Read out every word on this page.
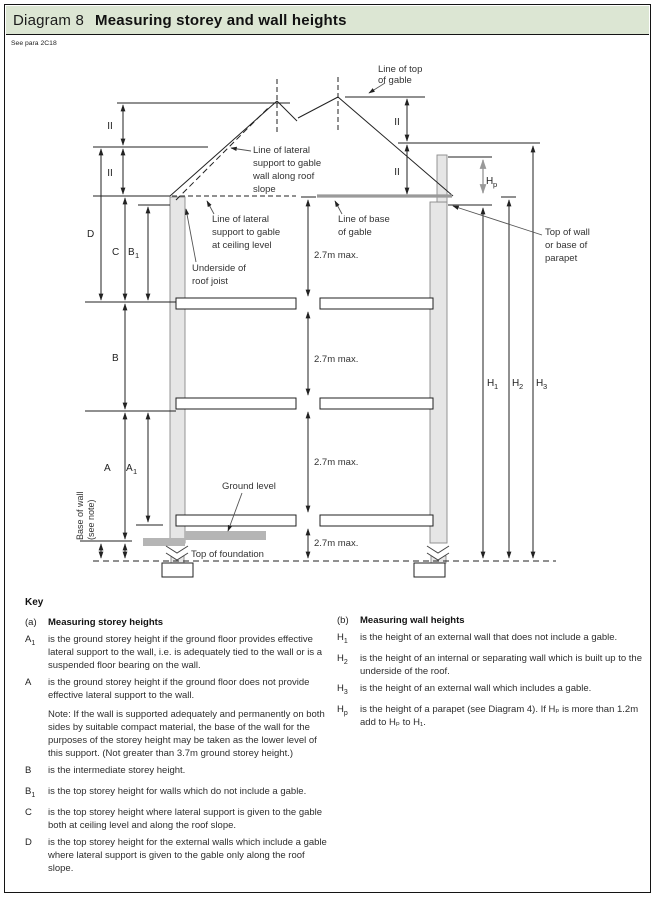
Diagram 8 Measuring storey and wall heights
See para 2C18
Line of top
of gable
Line of lateral
support to gable
wall along roof
slope
Line of lateral
support to gable
at ceiling level
Underside of
roof joist
Line of base
of gable	Top of wall
or base of
parapet
Ground level
Top of foundation
2.7m max.
2.7m max.
2.7m max.
2.7m max.
Base of wall (see note)
II
II
II
II
D
C B 1
B
A A 1
H p
H 1 H 2 H 3
Key
(a)	Measuring storey heights
$A_1$	is the ground storey height if the ground floor provides effective lateral support to the wall, i.e. is adequately tied to the wall or is a suspended floor bearing on the wall.
A	is the ground storey height if the ground floor does not provide effective lateral support to the wall.
Note: If the wall is supported adequately and permanently on both sides by suitable compact material, the base of the wall for the purposes of the storey height may be taken as the lower level of this support. (Not greater than 3.7m ground storey height.)
B	is the intermediate storey height.
$B_1$	is the top storey height for walls which do not include a gable.
C	is the top storey height where lateral support is given to the gable both at ceiling level and along the roof slope.
D	is the top storey height for the external walls which include a gable where lateral support is given to the gable only along the roof slope.
(b)	Measuring wall heights
$H_1$	is the height of an external wall that does not include a gable.
$H_2$	is the height of an internal or separating wall which is built up to the underside of the roof.
$H_3$	is the height of an external wall which includes a gable.
$H_p$	is the height of a parapet (see Diagram 4). If Hₚ is more than 1.2m add to Hₚ to H₁.
